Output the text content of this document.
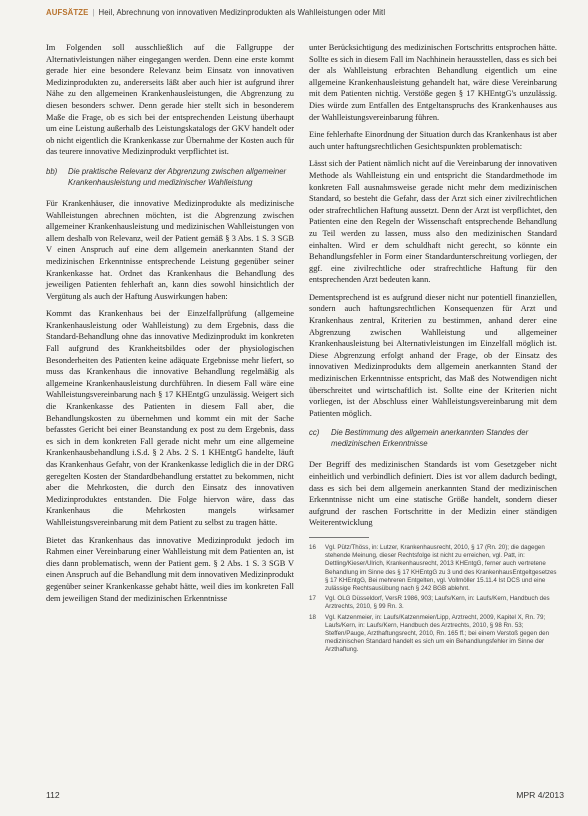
AUFSÄTZE | Heil, Abrechnung von innovativen Medizinprodukten als Wahlleistungen oder Mitl

Im Folgenden soll ausschließlich auf die Fallgruppe der Alternativleistungen näher eingegangen werden. Denn eine erste kommt gerade hier eine besondere Relevanz beim Einsatz von innovativen Medizinprodukten zu, andererseits läßt aber auch hier ist aufgrund ihrer Nähe zu den allgemeinen Krankenhausleistungen, die Abgrenzung zu diesen besonders schwer. Denn gerade hier stellt sich in besonderem Maße die Frage, ob es sich bei der entsprechenden Leistung überhaupt um eine Leistung außerhalb des Leistungskatalogs der GKV handelt oder ob nicht eigentlich die Krankenkasse zur Übernahme der Kosten auch für das teurere innovative Medizinprodukt verpflichtet ist.

bb)	Die praktische Relevanz der Abgrenzung zwischen allgemeiner Krankenhausleistung und medizinischer Wahlleistung

Für Krankenhäuser, die innovative Medizinprodukte als medizinische Wahlleistungen abrechnen möchten, ist die Abgrenzung zwischen allgemeiner Krankenhausleistung und medizinischen Wahlleistungen von allem deshalb von Relevanz, weil der Patient gemäß § 3 Abs. 1 S. 3 SGB V einen Anspruch auf eine dem allgemein anerkannten Stand der medizinischen Erkenntnisse entsprechende Leistung gegenüber seiner Krankenkasse hat. Ordnet das Krankenhaus die Behandlung des jeweiligen Patienten fehlerhaft an, kann dies sowohl hinsichtlich der Vergütung als auch der Haftung Auswirkungen haben:

Kommt das Krankenhaus bei der Einzelfallprüfung (allgemeine Krankenhausleistung oder Wahlleistung) zu dem Ergebnis, dass die Standard-Behandlung ohne das innovative Medizinprodukt im konkreten Fall aufgrund des Krankheitsbildes oder der physiologischen Besonderheiten des Patienten keine adäquate Ergebnisse mehr liefert, so muss das Krankenhaus die innovative Behandlung regelmäßig als allgemeine Krankenhausleistung durchführen. In diesem Fall wäre eine Wahlleistungsvereinbarung nach § 17 KHEntgG unzulässig. Weigert sich die Krankenkasse des Patienten in diesem Fall aber, die Behandlungskosten zu übernehmen und kommt ein mit der Sache befasstes Gericht bei einer Beanstandung ex post zu dem Ergebnis, dass es sich in dem konkreten Fall gerade nicht mehr um eine allgemeine Krankenhausbehandlung i.S.d. § 2 Abs. 2 S. 1 KHEntgG handelte, läuft das Krankenhaus Gefahr, von der Krankenkasse lediglich die in der DRG geregelten Kosten der Standardbehandlung erstattet zu bekommen, nicht aber die Mehrkosten, die durch den Einsatz des innovativen Medizinproduktes entstanden. Die Folge hiervon wäre, dass das Krankenhaus die Mehrkosten mangels wirksamer Wahlleistungsvereinbarung mit dem Patient zu selbst zu tragen hätte.

Bietet das Krankenhaus das innovative Medizinprodukt jedoch im Rahmen einer Vereinbarung einer Wahlleistung mit dem Patienten an, ist dies dann problematisch, wenn der Patient gem. § 2 Abs. 1 S. 3 SGB V einen Anspruch auf die Behandlung mit dem innovativen Medizinprodukt gegenüber seiner Krankenkasse gehabt hätte, weil dies im konkreten Fall dem jeweiligen Stand der medizinischen Erkenntnisse

unter Berücksichtigung des medizinischen Fortschritts entsprochen hätte. Sollte es sich in diesem Fall im Nachhinein herausstellen, dass es sich bei der als Wahlleistung erbrachten Behandlung eigentlich um eine allgemeine Krankenhausleistung gehandelt hat, wäre diese Vereinbarung mit dem Patienten nichtig. Verstöße gegen § 17 KHEntgG's unzulässig. Dies würde zum Entfallen des Entgeltanspruchs des Krankenhauses aus der Wahlleistungsvereinbarung führen.

Eine fehlerhafte Einordnung der Situation durch das Krankenhaus ist aber auch unter haftungsrechtlichen Gesichtspunkten problematisch:

Lässt sich der Patient nämlich nicht auf die Vereinbarung der innovativen Methode als Wahlleistung ein und entspricht die Standardmethode im konkreten Fall ausnahmsweise gerade nicht mehr dem medizinischen Standard, so besteht die Gefahr, dass der Arzt sich einer zivilrechtlichen oder strafrechtlichen Haftung aussetzt. Denn der Arzt ist verpflichtet, den Patienten eine den Regeln der Wissenschaft entsprechende Behandlung zu Teil werden zu lassen, muss also den medizinischen Standard einhalten. Wird er dem schuldhaft nicht gerecht, so könnte ein Behandlungsfehler in Form einer Standardunterschreitung vorliegen, der ggf. eine zivilrechtliche oder strafrechtliche Haftung für den entsprechenden Arzt bedeuten kann.

Dementsprechend ist es aufgrund dieser nicht nur potentiell finanziellen, sondern auch haftungsrechtlichen Konsequenzen für Arzt und Krankenhaus zentral, Kriterien zu bestimmen, anhand derer eine Abgrenzung zwischen Wahlleistung und allgemeiner Krankenhausleistung bei Alternativleistungen im Einzelfall möglich ist. Diese Abgrenzung erfolgt anhand der Frage, ob der Einsatz des innovativen Medizinprodukts dem allgemein anerkannten Stand der medizinischen Erkenntnisse entspricht, das Maß des Notwendigen nicht überschreitet und wirtschaftlich ist. Sollte eine der Kriterien nicht vorliegen, ist der Abschluss einer Wahlleistungsvereinbarung mit dem Patienten möglich.

cc)	Die Bestimmung des allgemein anerkannten Standes der medizinischen Erkenntnisse

Der Begriff des medizinischen Standards ist vom Gesetzgeber nicht einheitlich und verbindlich definiert. Dies ist vor allem dadurch bedingt, dass es sich bei dem allgemein anerkannten Stand der medizinischen Erkenntnisse nicht um eine statische Größe handelt, sondern dieser aufgrund der raschen Fortschritte in der Medizin einer ständigen Weiterentwicklung

16	Vgl. Pütz/Thöss, in: Lutzer, Krankenhausrecht, 2010, § 17 (Rn. 20); die dagegen stehende Meinung, dieser Rechtsfolge ist nicht zu erreichen, vgl. Patt, in: Dettling/Kieser/Ulrich, Krankenhausrecht, 2013 KHEntgG, ferner auch vertretene Behandlung im Sinne des § 17 KHEntgG zu 3 und des KrankenhausEntgeltgesetzes § 17 KHEntgG, Bei mehreren Entgelten, vgl. Vollmöller 15.11.4 Ist DCS und eine zulässige Rechtsausübung nach § 242 BGB ablehnt.
17	Vgl. OLG Düsseldorf, VersR 1986, 903; Laufs/Kern, in: Laufs/Kern, Handbuch des Arztrechts, 2010, § 99 Rn. 3.
18	Vgl. Katzenmeier, in: Laufs/Katzenmeier/Lipp, Arztrecht, 2009, Kapitel X, Rn. 79; Laufs/Kern, in: Laufs/Kern, Handbuch des Arztrechts, 2010, § 98 Rn. 53; Steffen/Pauge, Arzthaftungsrecht, 2010, Rn. 165 ff.; bei einem Verstoß gegen den medizinischen Standard handelt es sich um ein Behandlungsfehler im Sinne der Arzthaftung.
112	MPR 4/2013
